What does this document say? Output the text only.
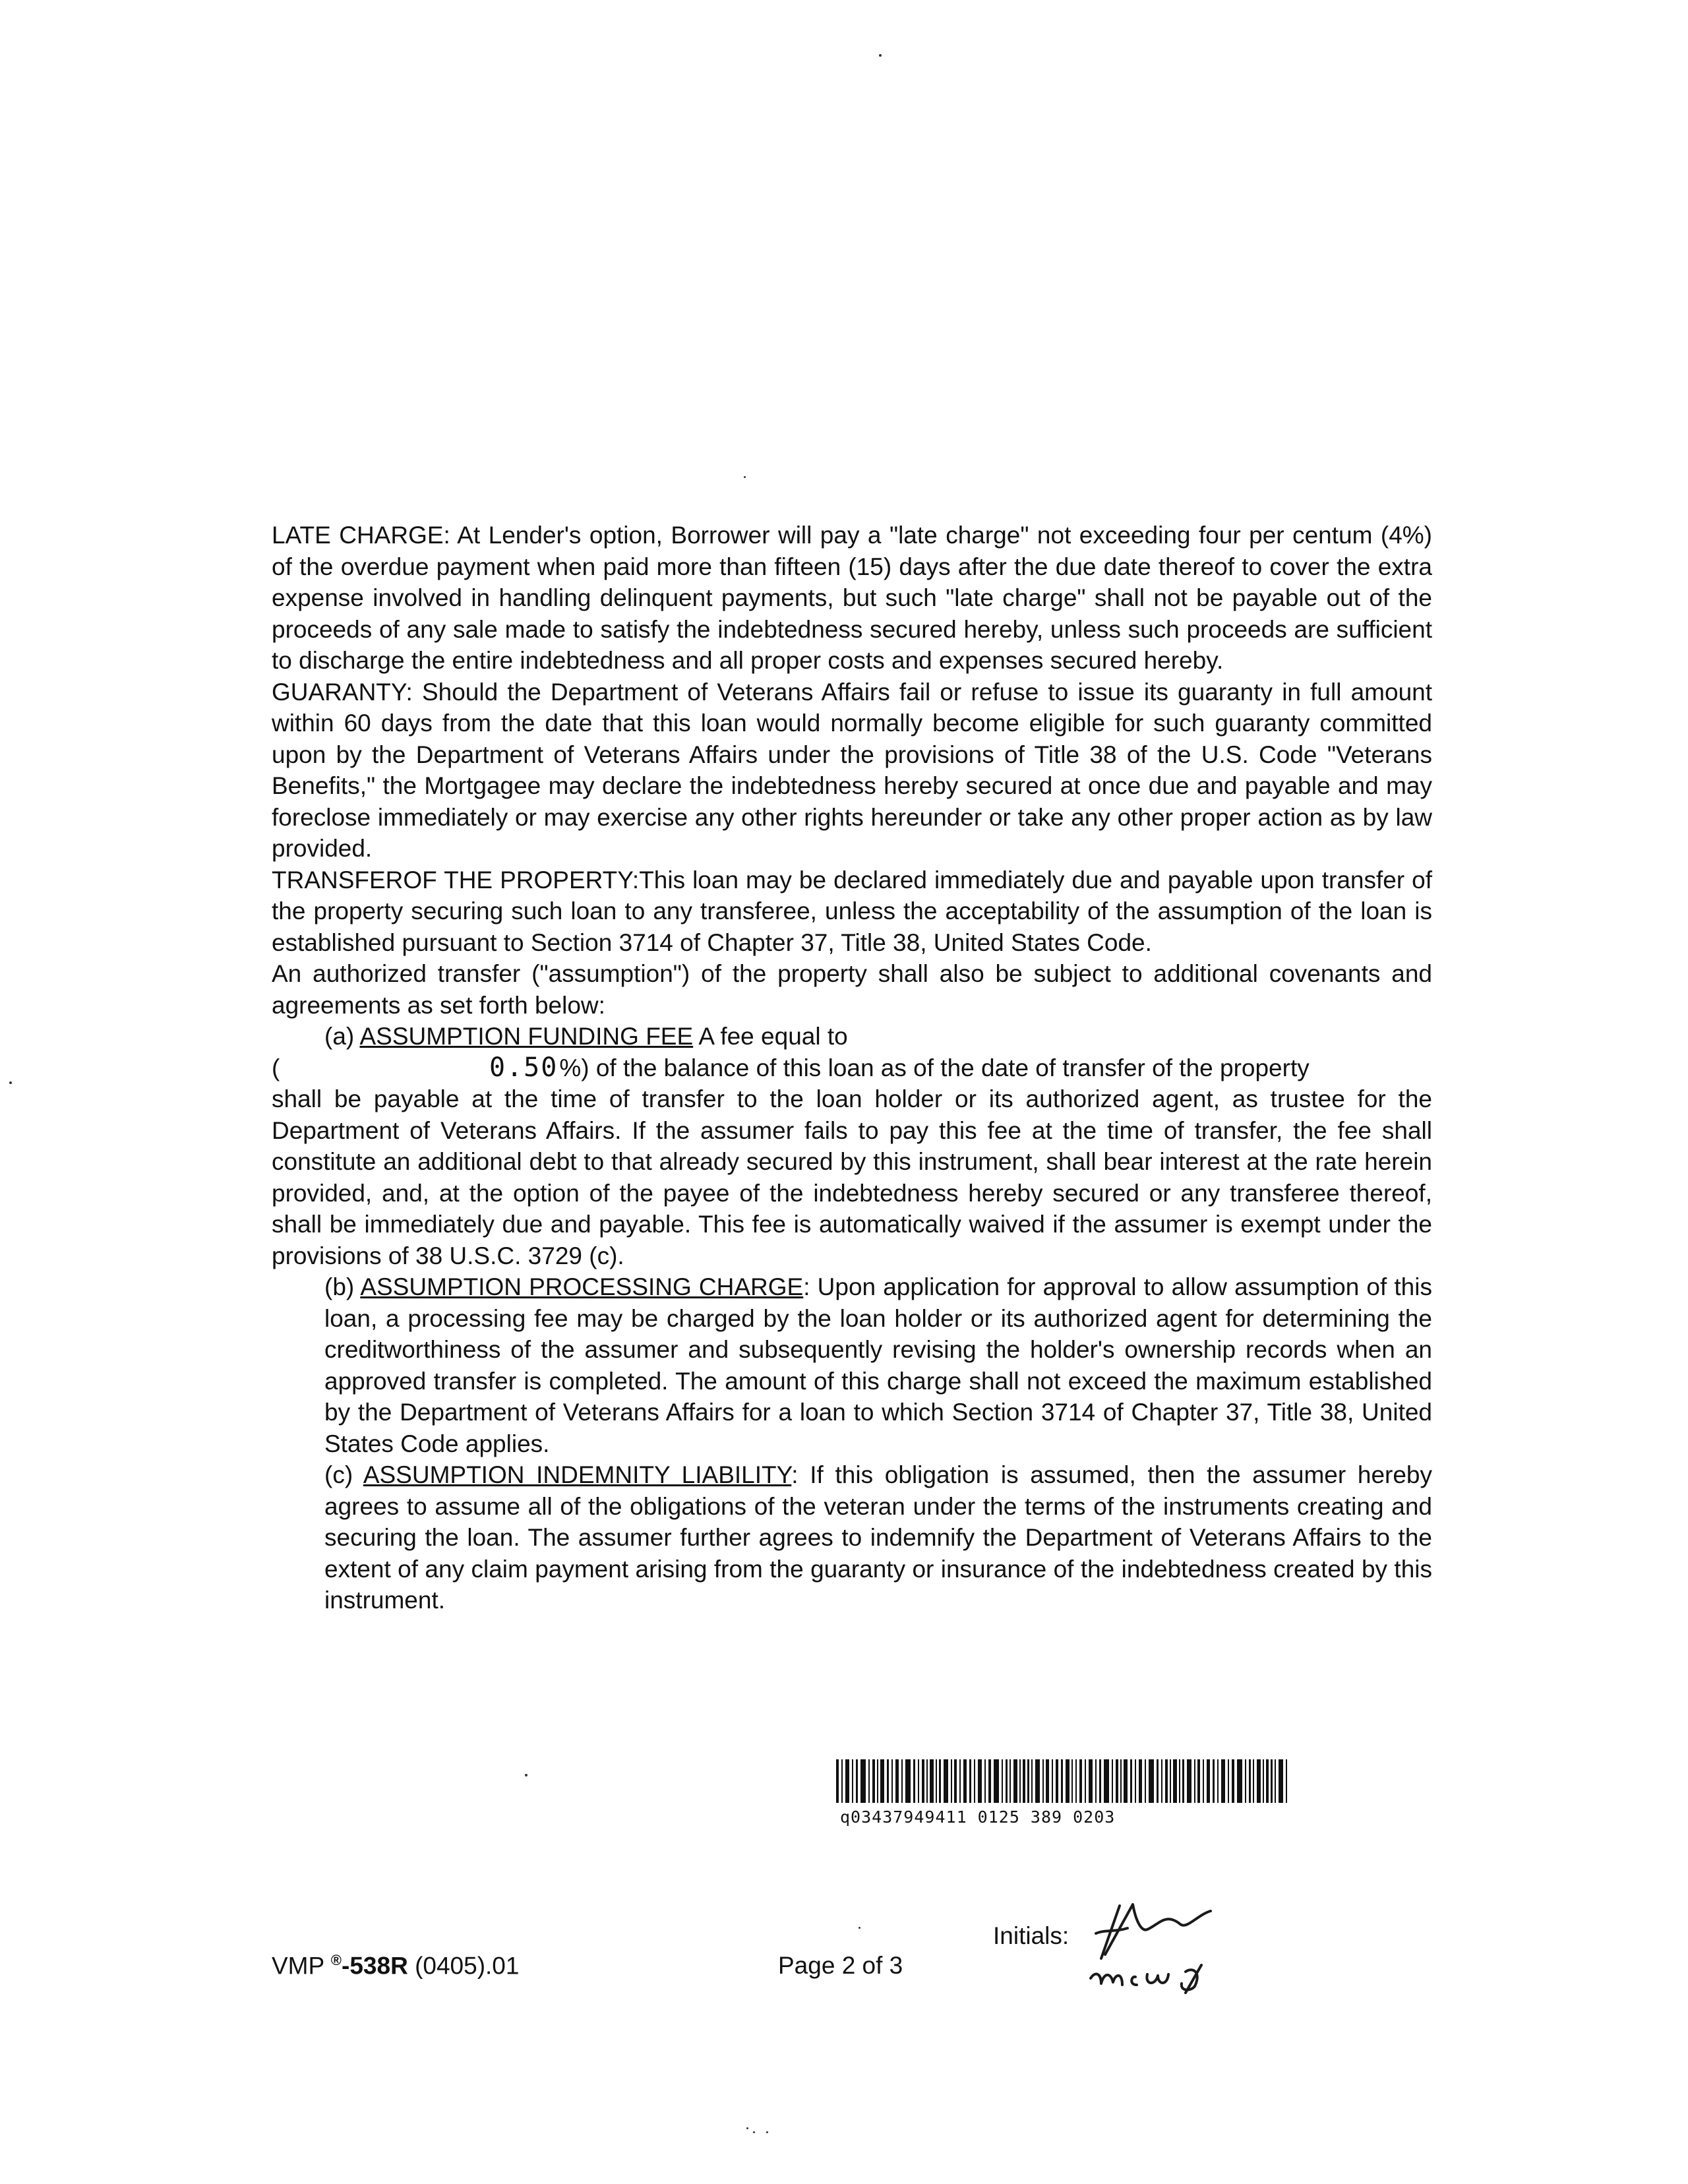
LATE CHARGE: At Lender's option, Borrower will pay a "late charge" not exceeding four per centum (4%) of the overdue payment when paid more than fifteen (15) days after the due date thereof to cover the extra expense involved in handling delinquent payments, but such "late charge" shall not be payable out of the proceeds of any sale made to satisfy the indebtedness secured hereby, unless such proceeds are sufficient to discharge the entire indebtedness and all proper costs and expenses secured hereby.

GUARANTY: Should the Department of Veterans Affairs fail or refuse to issue its guaranty in full amount within 60 days from the date that this loan would normally become eligible for such guaranty committed upon by the Department of Veterans Affairs under the provisions of Title 38 of the U.S. Code "Veterans Benefits," the Mortgagee may declare the indebtedness hereby secured at once due and payable and may foreclose immediately or may exercise any other rights hereunder or take any other proper action as by law provided.

TRANSFEROF THE PROPERTY:This loan may be declared immediately due and payable upon transfer of the property securing such loan to any transferee, unless the acceptability of the assumption of the loan is established pursuant to Section 3714 of Chapter 37, Title 38, United States Code.

An authorized transfer ("assumption") of the property shall also be subject to additional covenants and agreements as set forth below:

(a) ASSUMPTION FUNDING FEE A fee equal to

(	0.50 %) of the balance of this loan as of the date of transfer of the property

shall be payable at the time of transfer to the loan holder or its authorized agent, as trustee for the Department of Veterans Affairs. If the assumer fails to pay this fee at the time of transfer, the fee shall constitute an additional debt to that already secured by this instrument, shall bear interest at the rate herein provided, and, at the option of the payee of the indebtedness hereby secured or any transferee thereof, shall be immediately due and payable. This fee is automatically waived if the assumer is exempt under the provisions of 38 U.S.C. 3729 (c).

(b) ASSUMPTION PROCESSING CHARGE: Upon application for approval to allow assumption of this loan, a processing fee may be charged by the loan holder or its authorized agent for determining the creditworthiness of the assumer and subsequently revising the holder's ownership records when an approved transfer is completed. The amount of this charge shall not exceed the maximum established by the Department of Veterans Affairs for a loan to which Section 3714 of Chapter 37, Title 38, United States Code applies.

(c) ASSUMPTION INDEMNITY LIABILITY: If this obligation is assumed, then the assumer hereby agrees to assume all of the obligations of the veteran under the terms of the instruments creating and securing the loan. The assumer further agrees to indemnify the Department of Veterans Affairs to the extent of any claim payment arising from the guaranty or insurance of the indebtedness created by this instrument.

q03437949411 0125 389 0203
VMP ®-538R (0405).01	Page 2 of 3
Initials:
